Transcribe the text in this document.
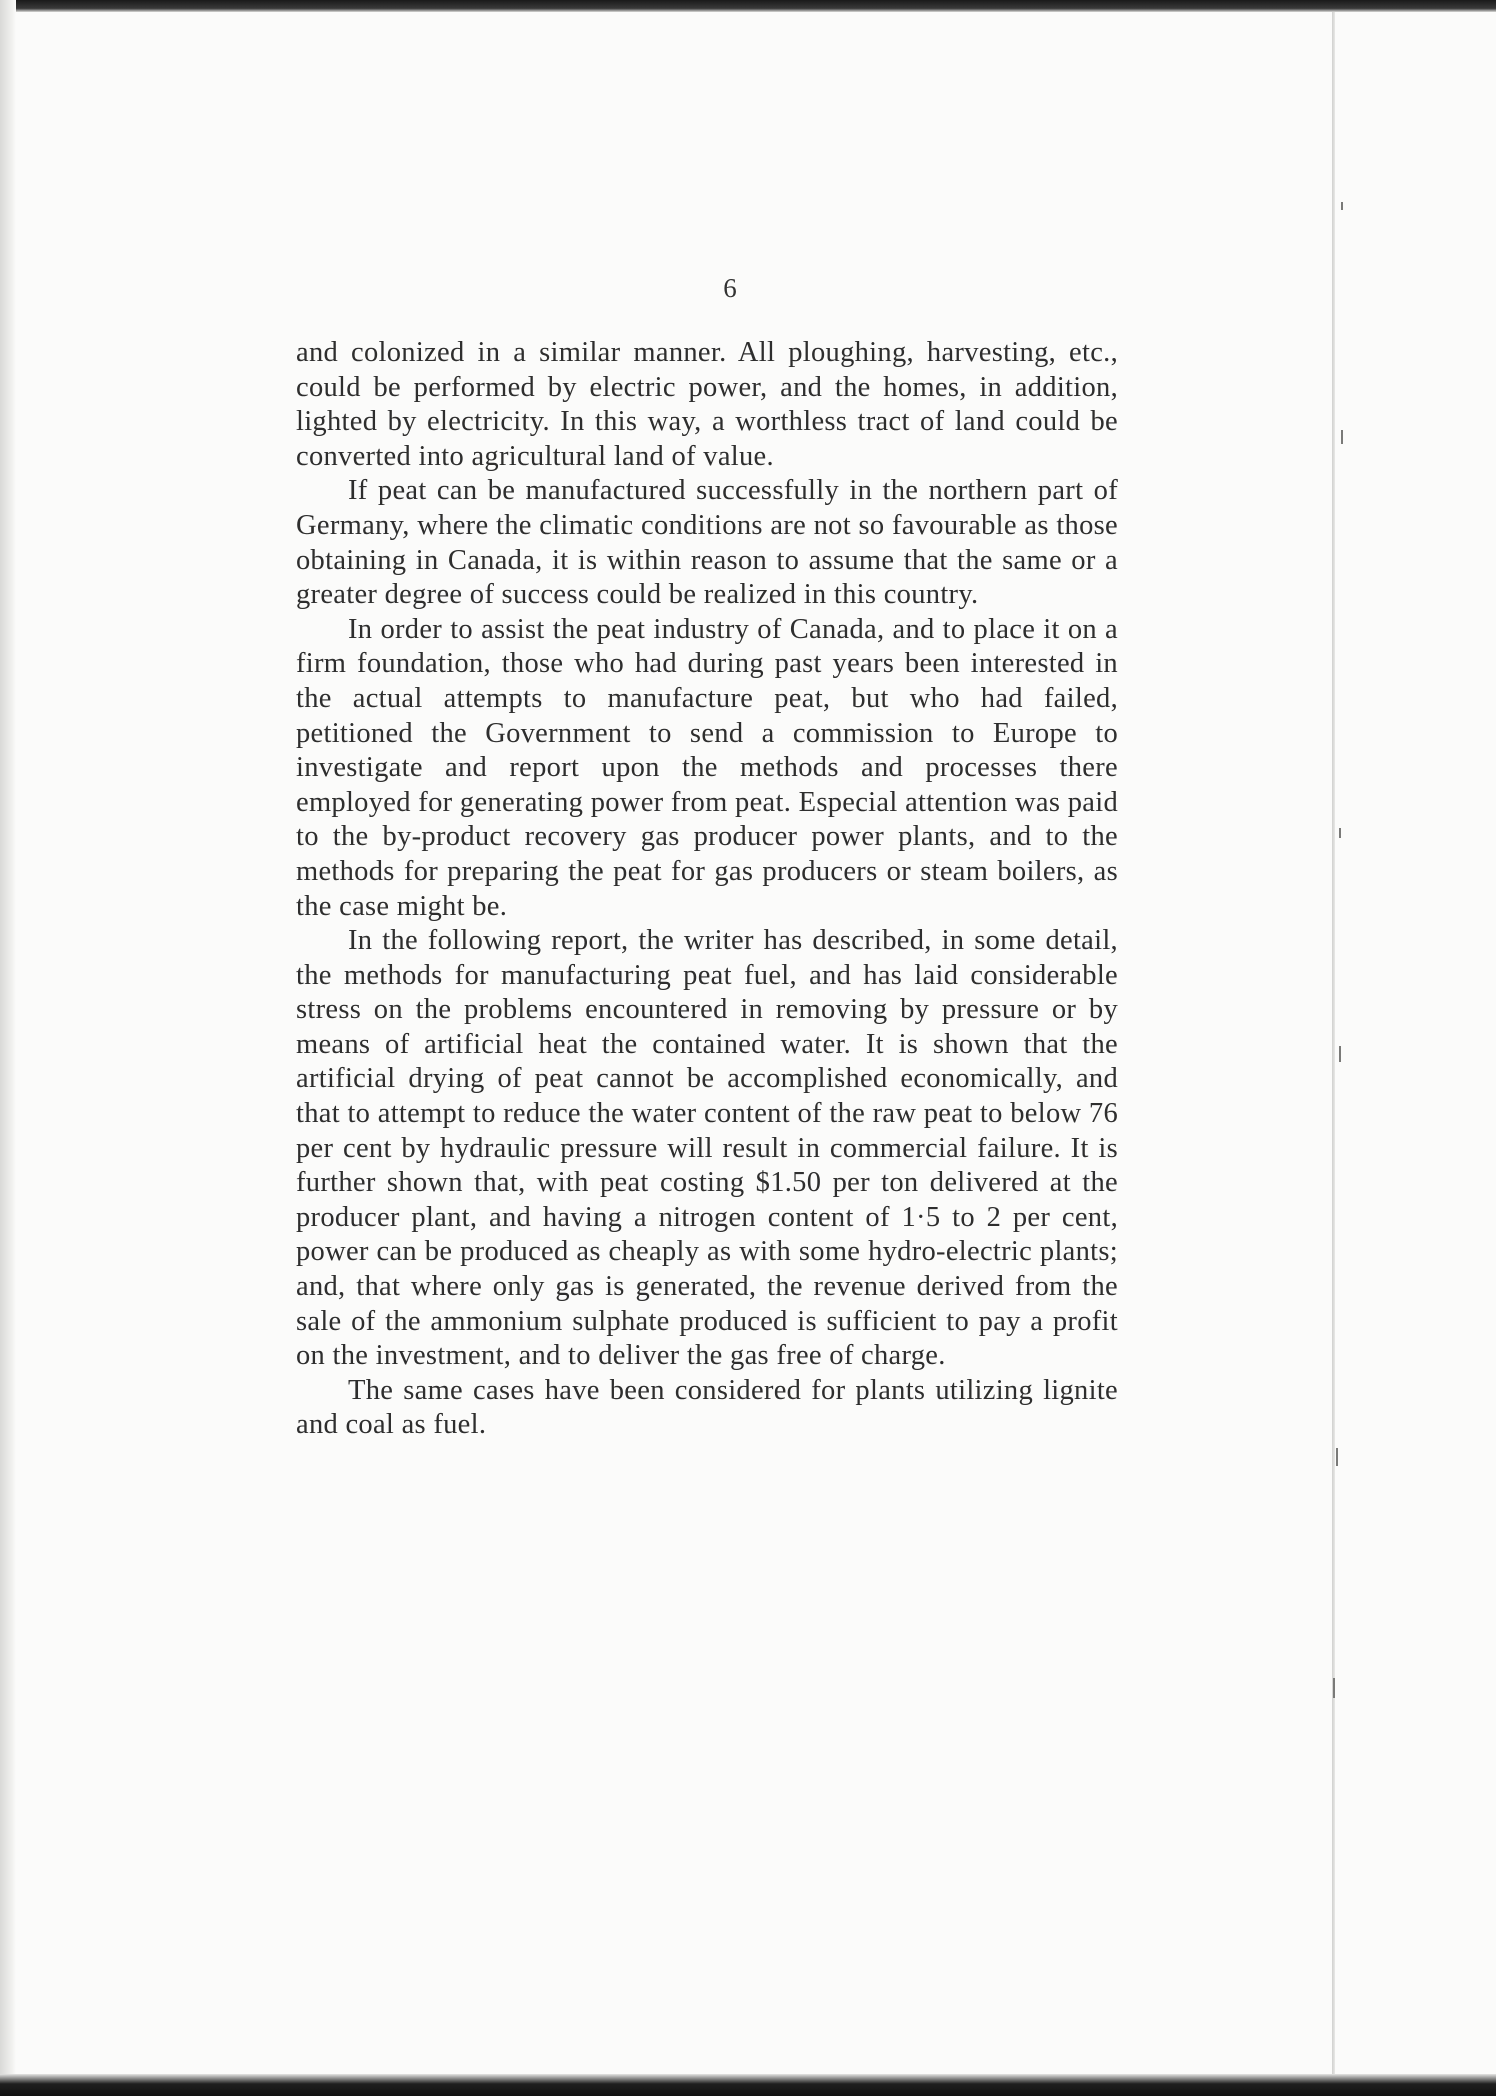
6

and colonized in a similar manner. All ploughing, harvesting, etc., could be performed by electric power, and the homes, in addition, lighted by electricity. In this way, a worthless tract of land could be converted into agricultural land of value.

If peat can be manufactured successfully in the northern part of Germany, where the climatic conditions are not so favourable as those obtaining in Canada, it is within reason to assume that the same or a greater degree of success could be realized in this country.

In order to assist the peat industry of Canada, and to place it on a firm foundation, those who had during past years been interested in the actual attempts to manufacture peat, but who had failed, petitioned the Government to send a commission to Europe to investigate and report upon the methods and processes there employed for generating power from peat. Especial attention was paid to the by-product recovery gas producer power plants, and to the methods for preparing the peat for gas producers or steam boilers, as the case might be.

In the following report, the writer has described, in some detail, the methods for manufacturing peat fuel, and has laid considerable stress on the problems encountered in removing by pressure or by means of artificial heat the contained water. It is shown that the artificial drying of peat cannot be accomplished economically, and that to attempt to reduce the water content of the raw peat to below 76 per cent by hydraulic pressure will result in commercial failure. It is further shown that, with peat costing $1.50 per ton delivered at the producer plant, and having a nitrogen content of 1·5 to 2 per cent, power can be produced as cheaply as with some hydro-electric plants; and, that where only gas is generated, the revenue derived from the sale of the ammonium sulphate produced is sufficient to pay a profit on the investment, and to deliver the gas free of charge.

The same cases have been considered for plants utilizing lignite and coal as fuel.
